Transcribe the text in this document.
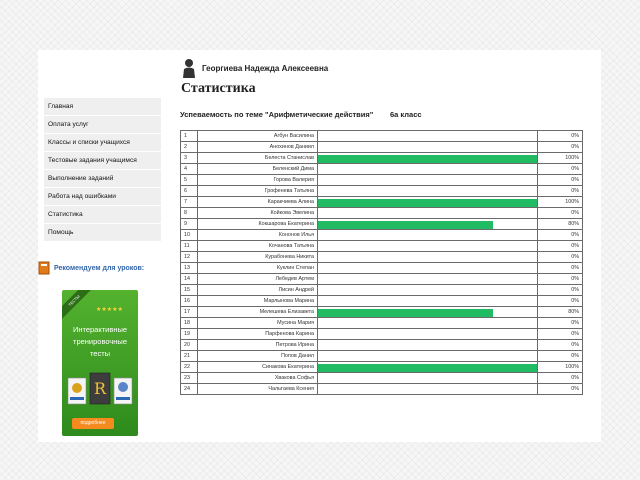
Георгиева Надежда Алексеевна
Статистика
Главная
Оплата услуг
Классы и списки учащихся
Тестовые задания учащимся
Выполнение заданий
Работа над ошибками
Статистика
Помощь
Рекомендуем для уроков:
ТЕСТЫ
★★★★★
Интерактивные
тренировочные
тесты
R
подробнее
Успеваемость по теме "Арифметические действия" 6а класс
1	Агбун Василина		0%
2	Анохинов Даниил		0%
3	Белеста Станислав		100%
4	Беленский Дима		0%
5	Горова Валерия		0%
6	Грофенева Татьяна		0%
7	Каракчиева Алина		100%
8	Койкова Эвелина		0%
9	Кокшарова Екатерина		80%
10	Кононов Илья		0%
11	Кочанова Татьяна		0%
12	Курабонева Никита		0%
13	Куклин Степан		0%
14	Лебедев Артем		0%
15	Лисин Андрей		0%
16	Марлынова Марина		0%
17	Мелешева Елизавета		80%
18	Мусина Мария		0%
19	Парфенова Карина		0%
20	Петрова Ирина		0%
21	Попов Данил		0%
22	Синакова Екатерина		100%
23	Хвакова Софья		0%
24	Чальтаева Ксения		0%
